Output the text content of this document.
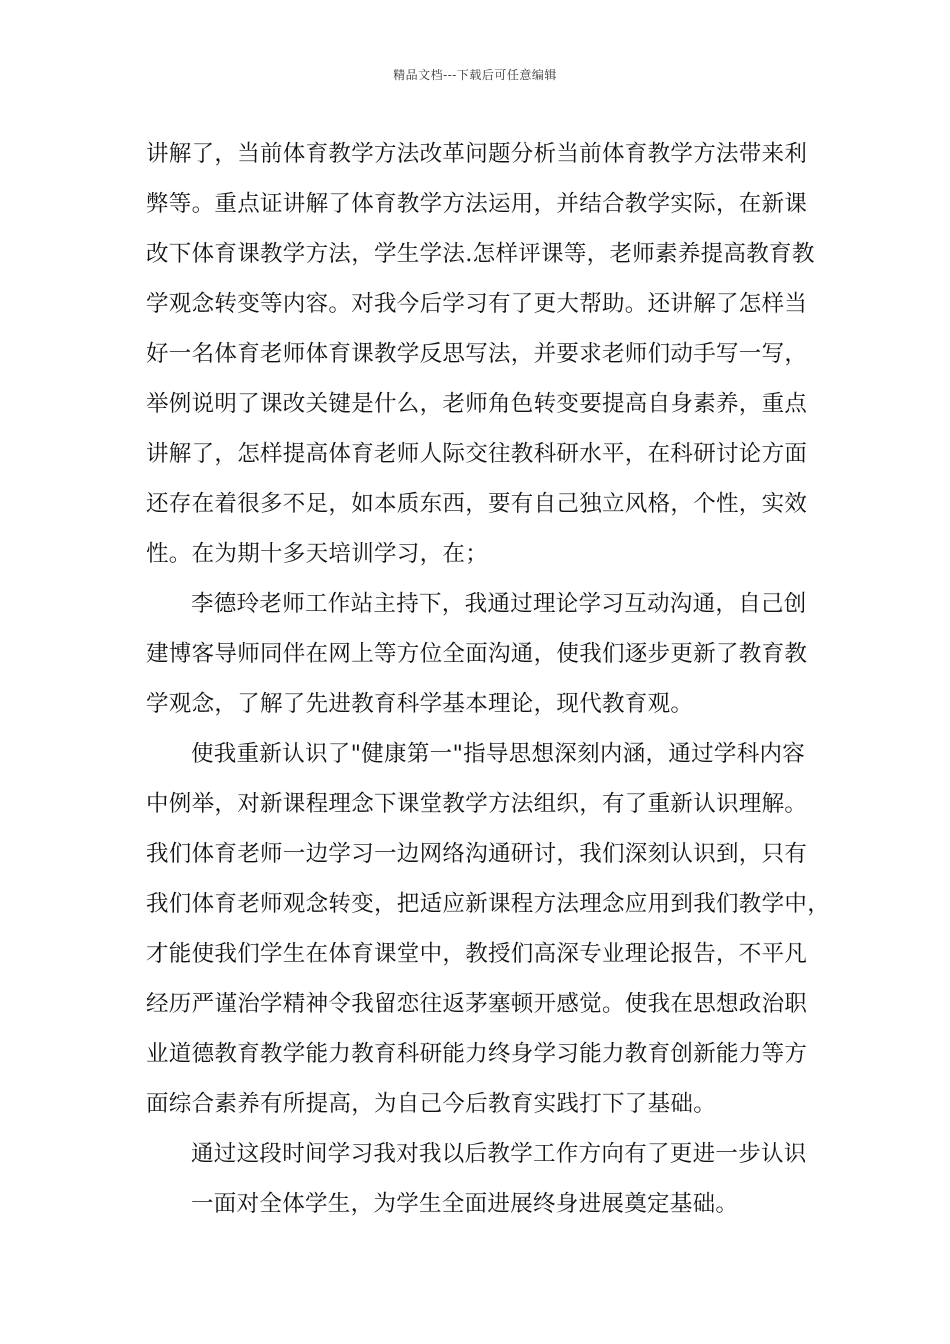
精品文档---下载后可任意编辑
讲解了，当前体育教学方法改革问题分析当前体育教学方法带来利
弊等。重点证讲解了体育教学方法运用，并结合教学实际，在新课
改下体育课教学方法，学生学法.怎样评课等，老师素养提高教育教
学观念转变等内容。对我今后学习有了更大帮助。还讲解了怎样当
好一名体育老师体育课教学反思写法，并要求老师们动手写一写，
举例说明了课改关键是什么，老师角色转变要提高自身素养，重点
讲解了，怎样提高体育老师人际交往教科研水平，在科研讨论方面
还存在着很多不足，如本质东西，要有自己独立风格，个性，实效
性。在为期十多天培训学习，在；
李德玲老师工作站主持下，我通过理论学习互动沟通，自己创
建博客导师同伴在网上等方位全面沟通，使我们逐步更新了教育教
学观念，了解了先进教育科学基本理论，现代教育观。
使我重新认识了"健康第一"指导思想深刻内涵，通过学科内容
中例举，对新课程理念下课堂教学方法组织，有了重新认识理解。
我们体育老师一边学习一边网络沟通研讨，我们深刻认识到，只有
我们体育老师观念转变，把适应新课程方法理念应用到我们教学中，
才能使我们学生在体育课堂中，教授们高深专业理论报告，不平凡
经历严谨治学精神令我留恋往返茅塞顿开感觉。使我在思想政治职
业道德教育教学能力教育科研能力终身学习能力教育创新能力等方
面综合素养有所提高，为自己今后教育实践打下了基础。
通过这段时间学习我对我以后教学工作方向有了更进一步认识
一面对全体学生，为学生全面进展终身进展奠定基础。
